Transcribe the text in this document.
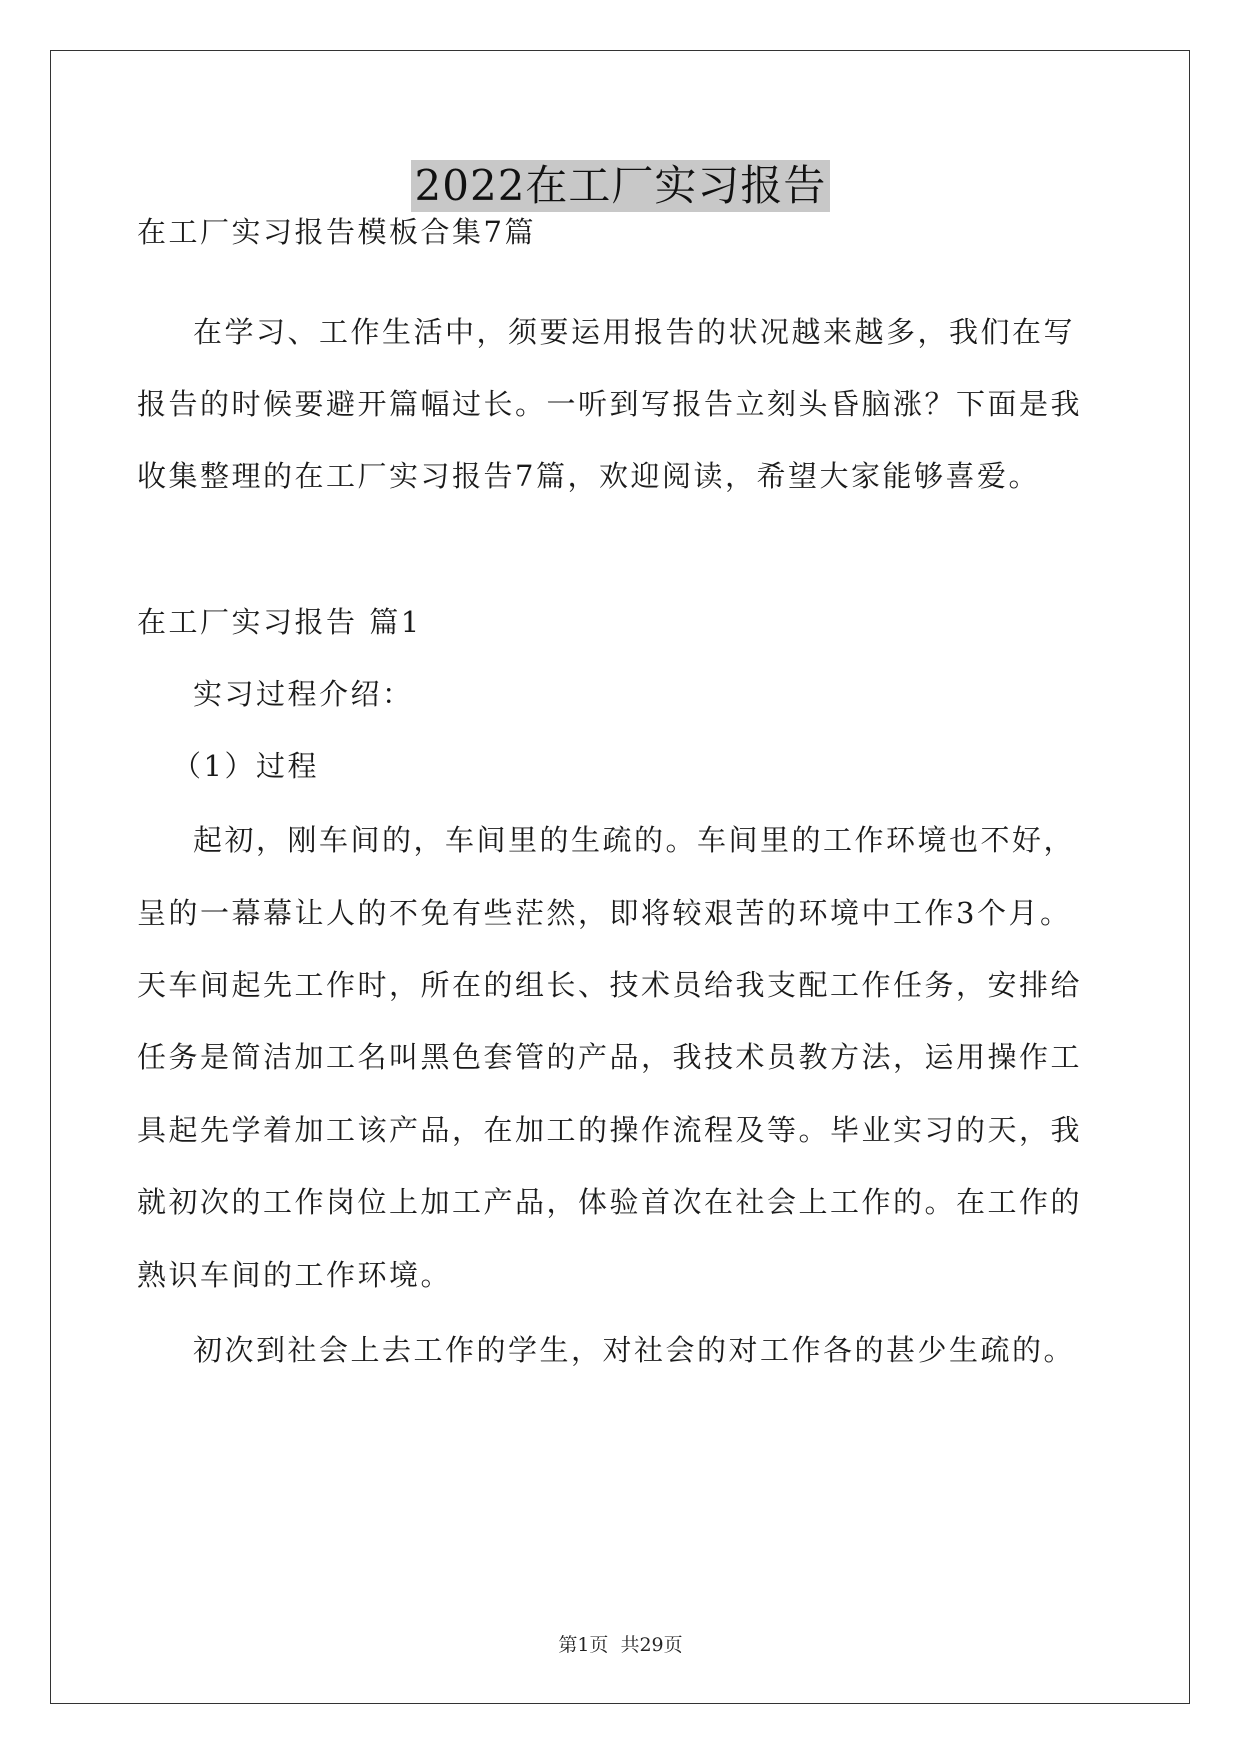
2022在工厂实习报告
在工厂实习报告模板合集7篇
在学习、工作生活中，须要运用报告的状况越来越多，我们在写
报告的时候要避开篇幅过长。一听到写报告立刻头昏脑涨？下面是我
收集整理的在工厂实习报告7篇，欢迎阅读，希望大家能够喜爱。
在工厂实习报告 篇1
实习过程介绍：
（1）过程
起初，刚车间的，车间里的生疏的。车间里的工作环境也不好，
呈的一幕幕让人的不免有些茫然，即将较艰苦的环境中工作3个月。
天车间起先工作时，所在的组长、技术员给我支配工作任务，安排给
任务是简洁加工名叫黑色套管的产品，我技术员教方法，运用操作工
具起先学着加工该产品，在加工的操作流程及等。毕业实习的天，我
就初次的工作岗位上加工产品，体验首次在社会上工作的。在工作的
熟识车间的工作环境。
初次到社会上去工作的学生，对社会的对工作各的甚少生疏的。
第1页 共29页
